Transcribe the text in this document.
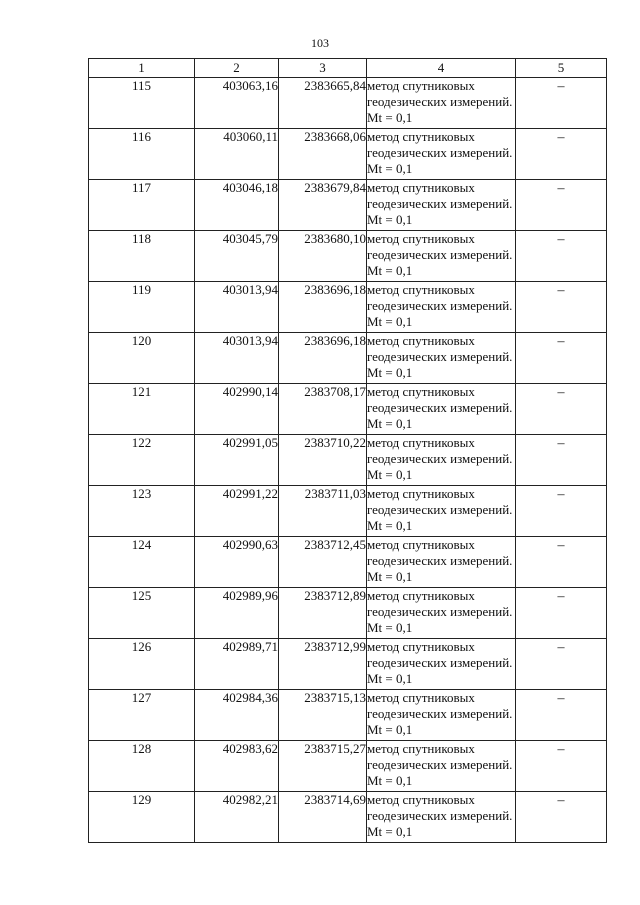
103
1	2	3	4	5
115	403063,16	2383665,84	метод спутниковых геодезических измерений. Mt = 0,1	–
116	403060,11	2383668,06	метод спутниковых геодезических измерений. Mt = 0,1	–
117	403046,18	2383679,84	метод спутниковых геодезических измерений. Mt = 0,1	–
118	403045,79	2383680,10	метод спутниковых геодезических измерений. Mt = 0,1	–
119	403013,94	2383696,18	метод спутниковых геодезических измерений. Mt = 0,1	–
120	403013,94	2383696,18	метод спутниковых геодезических измерений. Mt = 0,1	–
121	402990,14	2383708,17	метод спутниковых геодезических измерений. Mt = 0,1	–
122	402991,05	2383710,22	метод спутниковых геодезических измерений. Mt = 0,1	–
123	402991,22	2383711,03	метод спутниковых геодезических измерений. Mt = 0,1	–
124	402990,63	2383712,45	метод спутниковых геодезических измерений. Mt = 0,1	–
125	402989,96	2383712,89	метод спутниковых геодезических измерений. Mt = 0,1	–
126	402989,71	2383712,99	метод спутниковых геодезических измерений. Mt = 0,1	–
127	402984,36	2383715,13	метод спутниковых геодезических измерений. Mt = 0,1	–
128	402983,62	2383715,27	метод спутниковых геодезических измерений. Mt = 0,1	–
129	402982,21	2383714,69	метод спутниковых геодезических измерений. Mt = 0,1	–
